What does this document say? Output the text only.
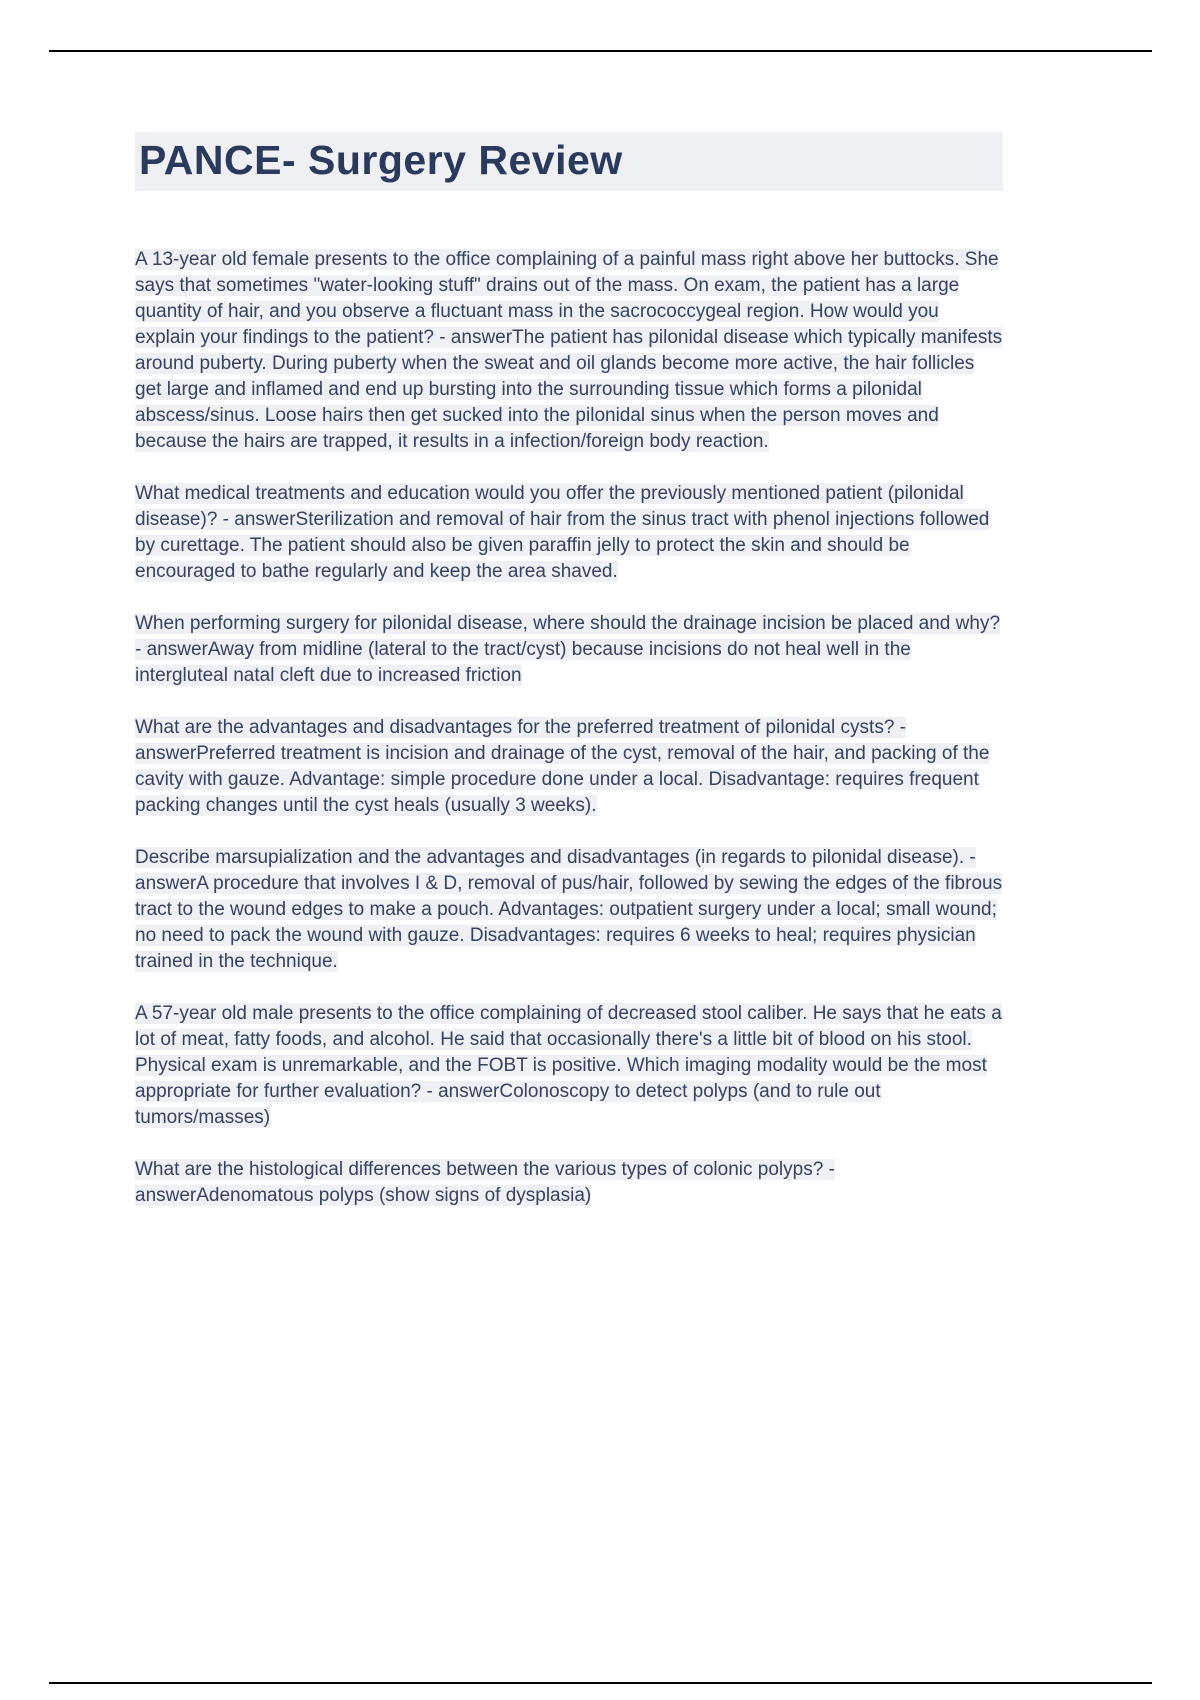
PANCE- Surgery Review

A 13-year old female presents to the office complaining of a painful mass right above her buttocks. She says that sometimes "water-looking stuff" drains out of the mass. On exam, the patient has a large quantity of hair, and you observe a fluctuant mass in the sacrococcygeal region. How would you explain your findings to the patient? - answerThe patient has pilonidal disease which typically manifests around puberty. During puberty when the sweat and oil glands become more active, the hair follicles get large and inflamed and end up bursting into the surrounding tissue which forms a pilonidal abscess/sinus. Loose hairs then get sucked into the pilonidal sinus when the person moves and because the hairs are trapped, it results in a infection/foreign body reaction.

What medical treatments and education would you offer the previously mentioned patient (pilonidal disease)? - answerSterilization and removal of hair from the sinus tract with phenol injections followed by curettage. The patient should also be given paraffin jelly to protect the skin and should be encouraged to bathe regularly and keep the area shaved.

When performing surgery for pilonidal disease, where should the drainage incision be placed and why? - answerAway from midline (lateral to the tract/cyst) because incisions do not heal well in the intergluteal natal cleft due to increased friction

What are the advantages and disadvantages for the preferred treatment of pilonidal cysts? - answerPreferred treatment is incision and drainage of the cyst, removal of the hair, and packing of the cavity with gauze. Advantage: simple procedure done under a local. Disadvantage: requires frequent packing changes until the cyst heals (usually 3 weeks).

Describe marsupialization and the advantages and disadvantages (in regards to pilonidal disease). - answerA procedure that involves I & D, removal of pus/hair, followed by sewing the edges of the fibrous tract to the wound edges to make a pouch. Advantages: outpatient surgery under a local; small wound; no need to pack the wound with gauze. Disadvantages: requires 6 weeks to heal; requires physician trained in the technique.

A 57-year old male presents to the office complaining of decreased stool caliber. He says that he eats a lot of meat, fatty foods, and alcohol. He said that occasionally there's a little bit of blood on his stool. Physical exam is unremarkable, and the FOBT is positive. Which imaging modality would be the most appropriate for further evaluation? - answerColonoscopy to detect polyps (and to rule out tumors/masses)

What are the histological differences between the various types of colonic polyps? - answerAdenomatous polyps (show signs of dysplasia)
